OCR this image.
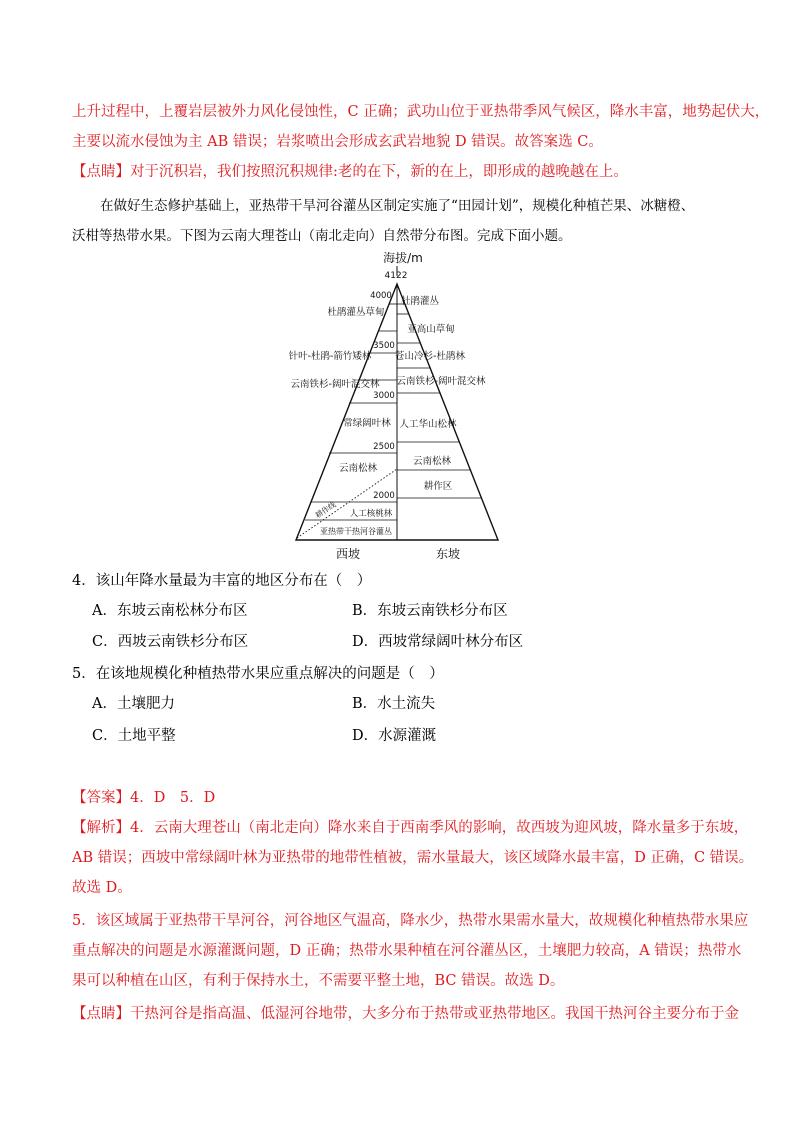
上升过程中，上覆岩层被外力风化侵蚀性，C 正确；武功山位于亚热带季风气候区，降水丰富，地势起伏大，
主要以流水侵蚀为主 AB 错误；岩浆喷出会形成玄武岩地貌 D 错误。故答案选 C。
【点睛】对于沉积岩，我们按照沉积规律:老的在下，新的在上，即形成的越晚越在上。
在做好生态修护基础上，亚热带干旱河谷灌丛区制定实施了“田园计划”，规模化种植芒果、冰糖橙、
沃柑等热带水果。下图为云南大理苍山（南北走向）自然带分布图。完成下面小题。
海拔/m
4122
4000
3500
3000
2500
2000
杜鹃灌丛草甸
针叶-杜鹃-箭竹矮林
云南铁杉-阔叶混交林
常绿阔叶林
云南松林
耕作线 人工核桃林
亚热带干热河谷灌丛
杜鹃灌丛
亚高山草甸
苍山冷杉-杜鹃林
云南铁杉-阔叶混交林
人工华山松林
云南松林
耕作区
西坡	东坡
4．该山年降水量最为丰富的地区分布在（　）
A．东坡云南松林分布区	B．东坡云南铁杉分布区
C．西坡云南铁杉分布区	D．西坡常绿阔叶林分布区
5．在该地规模化种植热带水果应重点解决的问题是（　）
A．土壤肥力	B．水土流失
C．土地平整	D．水源灌溉
【答案】4．D　5．D
【解析】4．云南大理苍山（南北走向）降水来自于西南季风的影响，故西坡为迎风坡，降水量多于东坡，
AB 错误；西坡中常绿阔叶林为亚热带的地带性植被，需水量最大，该区域降水最丰富，D 正确，C 错误。
故选 D。
5．该区域属于亚热带干旱河谷，河谷地区气温高，降水少，热带水果需水量大，故规模化种植热带水果应
重点解决的问题是水源灌溉问题，D 正确；热带水果种植在河谷灌丛区，土壤肥力较高，A 错误；热带水
果可以种植在山区，有利于保持水土，不需要平整土地，BC 错误。故选 D。
【点睛】干热河谷是指高温、低湿河谷地带，大多分布于热带或亚热带地区。我国干热河谷主要分布于金
